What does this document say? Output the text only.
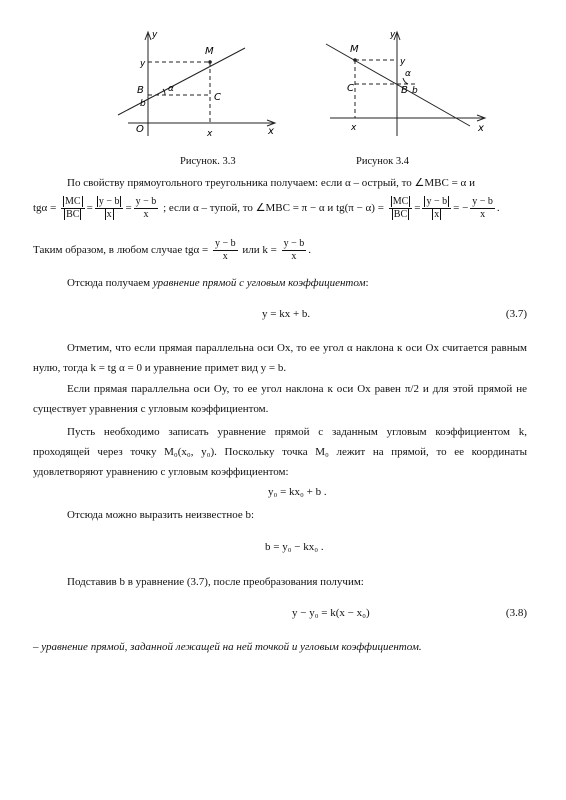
y
x
O
M
B
C
α
b
y
x
y
x
M
B
C
α
b
y
x
Рисунок. 3.3	Рисунок 3.4
По свойству прямоугольного треугольника получаем: если α – острый, то ∠MBC = α и
$tg\alpha = \frac{MC}{BC} = \frac{y - b}{x} = \frac{y - b}{x}$ ; если α – тупой, то ∠MBC = π − α и $tg(\pi - \alpha) = \frac{MC}{BC} = \frac{y - b}{x}$ = − $\frac{y - b}{x}$ .
Таким образом, в любом случае $tg\alpha = \frac{y - b}{x}$ или $k = \frac{y - b}{x}$ .
Отсюда получаем уравнение прямой с угловым коэффициентом:
y = kx + b.	(3.7)
Отметим, что если прямая параллельна оси Ox, то ее угол α наклона к оси Ox считается равным нулю, тогда k = tg α = 0 и уравнение примет вид y = b.
Если прямая параллельна оси Oy, то ее угол наклона к оси Ox равен π/2 и для этой прямой не существует уравнения с угловым коэффициентом.
Пусть необходимо записать уравнение прямой с заданным угловым коэффициентом k, проходящей через точку M₀(x₀, y₀). Поскольку точка M₀ лежит на прямой, то ее координаты удовлетворяют уравнению с угловым коэффициентом:
y₀ = kx₀ + b .
Отсюда можно выразить неизвестное b:
b = y₀ − kx₀ .
Подставив b в уравнение (3.7), после преобразования получим:
y − y₀ = k(x − x₀)	(3.8)
– уравнение прямой, заданной лежащей на ней точкой и угловым коэффициентом.
